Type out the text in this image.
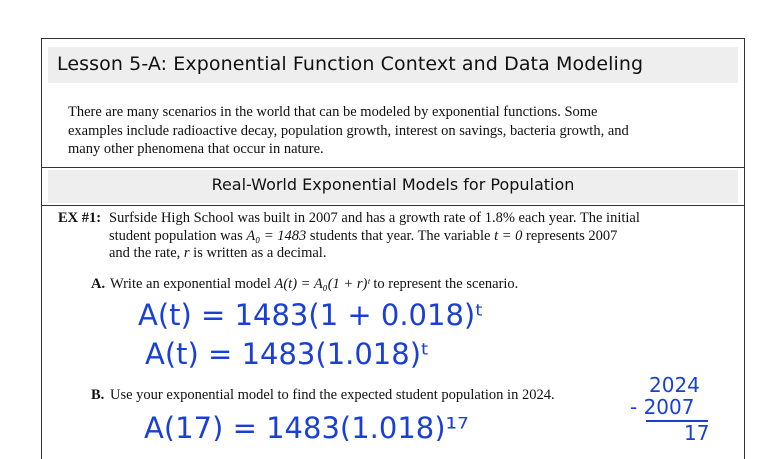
Lesson 5-A: Exponential Function Context and Data Modeling
There are many scenarios in the world that can be modeled by exponential functions. Some
examples include radioactive decay, population growth, interest on savings, bacteria growth, and
many other phenomena that occur in nature.
Real-World Exponential Models for Population
EX #1: Surfside High School was built in 2007 and has a growth rate of 1.8% each year. The initial
student population was A₀ = 1483 students that year. The variable t = 0 represents 2007
and the rate, r is written as a decimal.
A. Write an exponential model A(t) = A₀(1 + r)ᵗ to represent the scenario.
B. Use your exponential model to find the expected student population in 2024.
A(t) = 1483(1 + 0.018)ᵗ
A(t) = 1483(1.018)ᵗ
A(17) = 1483(1.018)¹⁷
2024
- 2007
17
